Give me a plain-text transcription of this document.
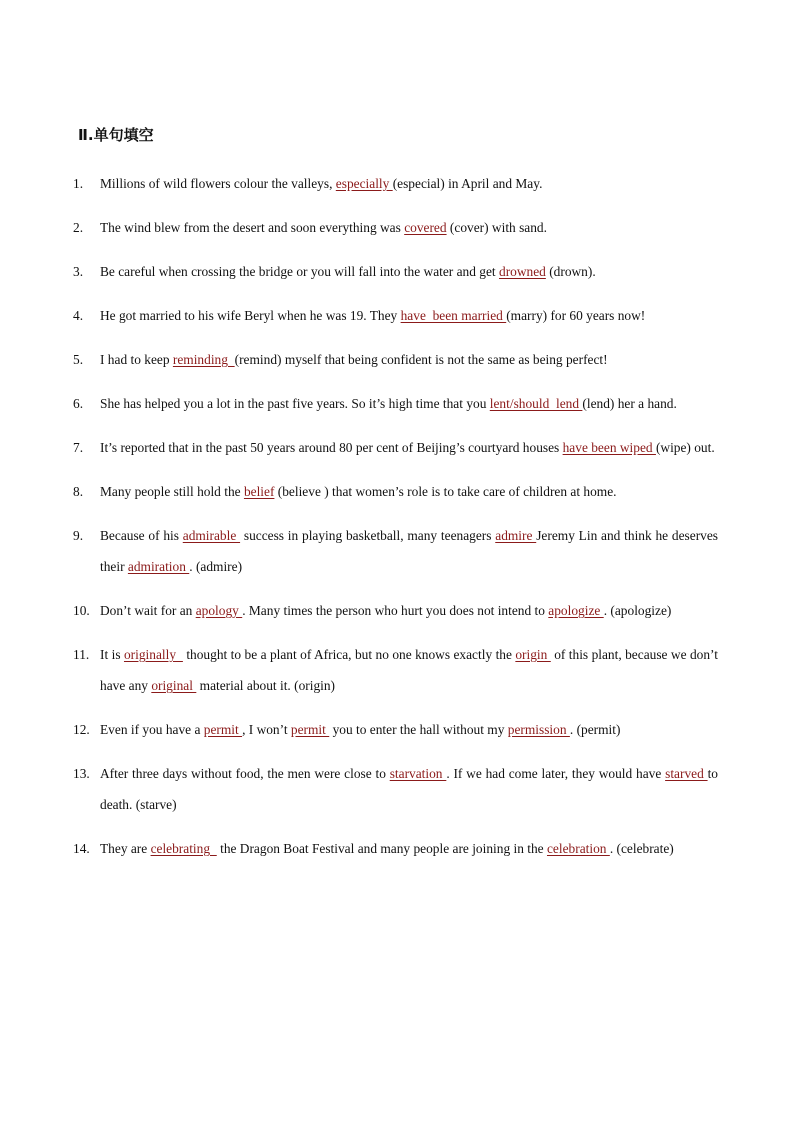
Ⅱ.单句填空
1.	Millions of wild flowers colour the valleys, especially (especial) in April and May.
2.	The wind blew from the desert and soon everything was covered (cover) with sand.
3.	Be careful when crossing the bridge or you will fall into the water and get drowned (drown).
4.	He got married to his wife Beryl when he was 19. They have  been married (marry) for 60 years now!
5.	I had to keep reminding  (remind) myself that being confident is not the same as being perfect!
6.	She has helped you a lot in the past five years. So it’s high time that you lent/should  lend (lend) her a hand.
7.	It’s reported that in the past 50 years around 80 per cent of Beijing’s courtyard houses have been wiped (wipe) out.
8.	Many people still hold the belief (believe ) that women’s role is to take care of children at home.
9.	Because of his admirable  success in playing basketball, many teenagers admire Jeremy Lin and think he deserves their admiration . (admire)
10. Don’t wait for an apology . Many times the person who hurt you does not intend to apologize . (apologize)
11. It is originally   thought to be a plant of Africa, but no one knows exactly the origin  of this plant, because we don’t have any original  material about it. (origin)
12. Even if you have a permit , I won’t permit  you to enter the hall without my permission . (permit)
13. After three days without food, the men were close to starvation . If we had come later, they would have starved to death. (starve)
14. They are celebrating   the Dragon Boat Festival and many people are joining in the celebration . (celebrate)
